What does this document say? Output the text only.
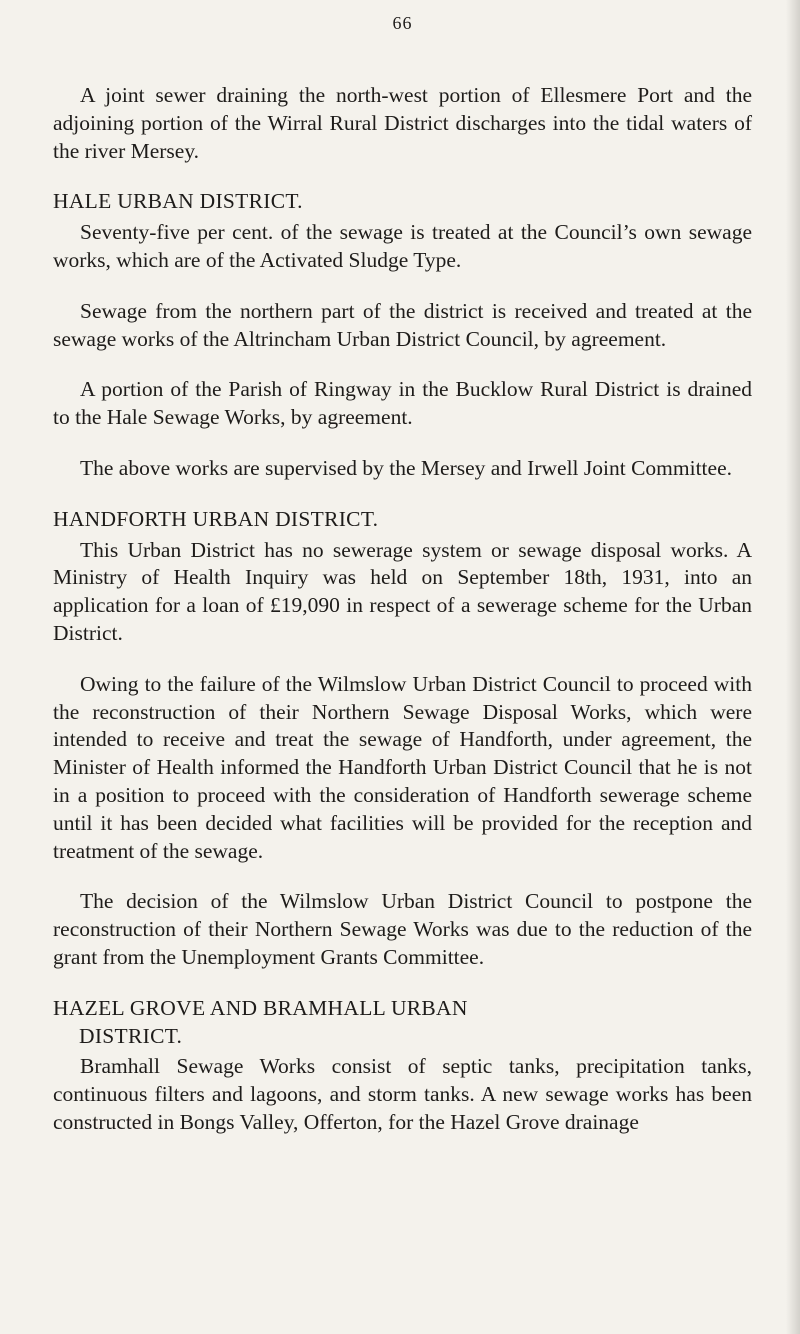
66

A joint sewer draining the north-west portion of Ellesmere Port and the adjoining portion of the Wirral Rural District discharges into the tidal waters of the river Mersey.

HALE URBAN DISTRICT.

Seventy-five per cent. of the sewage is treated at the Council’s own sewage works, which are of the Activated Sludge Type.

Sewage from the northern part of the district is received and treated at the sewage works of the Altrincham Urban District Council, by agreement.

A portion of the Parish of Ringway in the Bucklow Rural District is drained to the Hale Sewage Works, by agreement.

The above works are supervised by the Mersey and Irwell Joint Committee.

HANDFORTH URBAN DISTRICT.

This Urban District has no sewerage system or sewage disposal works. A Ministry of Health Inquiry was held on September 18th, 1931, into an application for a loan of £19,090 in respect of a sewerage scheme for the Urban District.

Owing to the failure of the Wilmslow Urban District Council to proceed with the reconstruction of their Northern Sewage Disposal Works, which were intended to receive and treat the sewage of Handforth, under agreement, the Minister of Health informed the Handforth Urban District Council that he is not in a position to proceed with the consideration of Handforth sewerage scheme until it has been decided what facilities will be provided for the reception and treatment of the sewage.

The decision of the Wilmslow Urban District Council to postpone the reconstruction of their Northern Sewage Works was due to the reduction of the grant from the Unemployment Grants Committee.

HAZEL GROVE AND BRAMHALL URBAN
DISTRICT.

Bramhall Sewage Works consist of septic tanks, precipitation tanks, continuous filters and lagoons, and storm tanks. A new sewage works has been constructed in Bongs Valley, Offerton, for the Hazel Grove drainage
